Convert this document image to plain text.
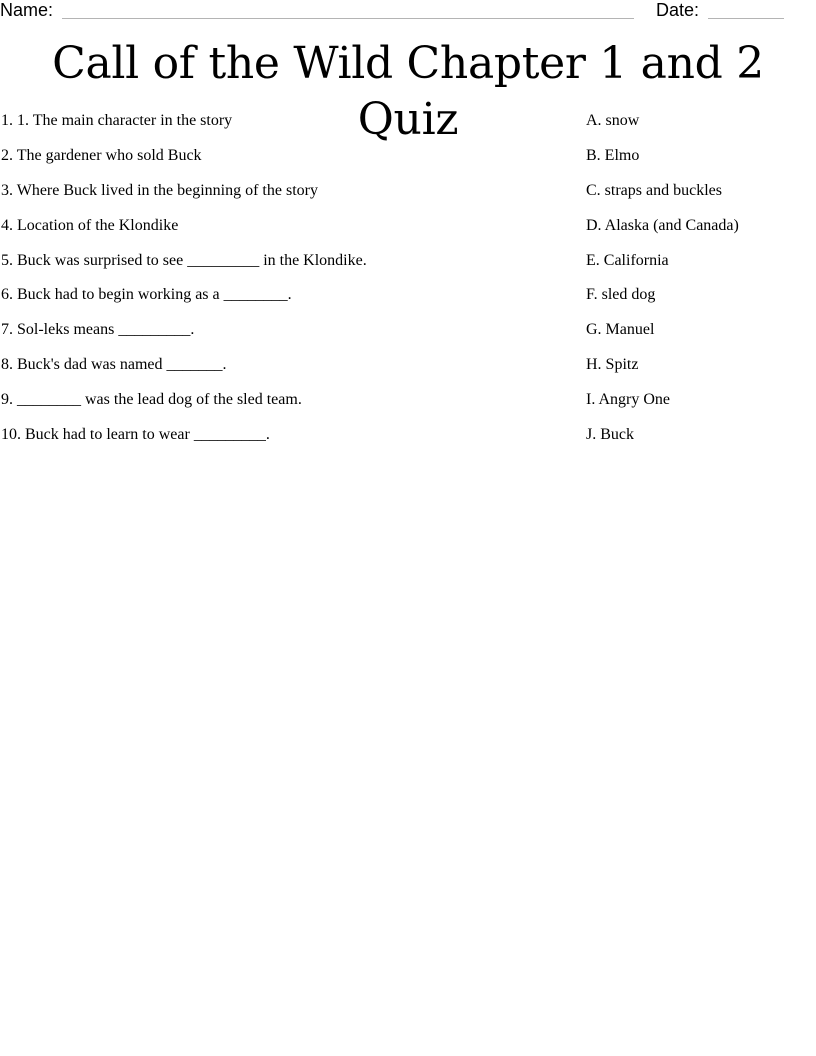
Name:	Date:
Call of the Wild Chapter 1 and 2 Quiz
1. 1. The main character in the story	A. snow
2. The gardener who sold Buck	B. Elmo
3. Where Buck lived in the beginning of the story	C. straps and buckles
4. Location of the Klondike	D. Alaska (and Canada)
5. Buck was surprised to see _________ in the Klondike.	E. California
6. Buck had to begin working as a ________.	F. sled dog
7. Sol-leks means _________.	G. Manuel
8. Buck's dad was named _______.	H. Spitz
9. ________ was the lead dog of the sled team.	I. Angry One
10. Buck had to learn to wear _________.	J. Buck
